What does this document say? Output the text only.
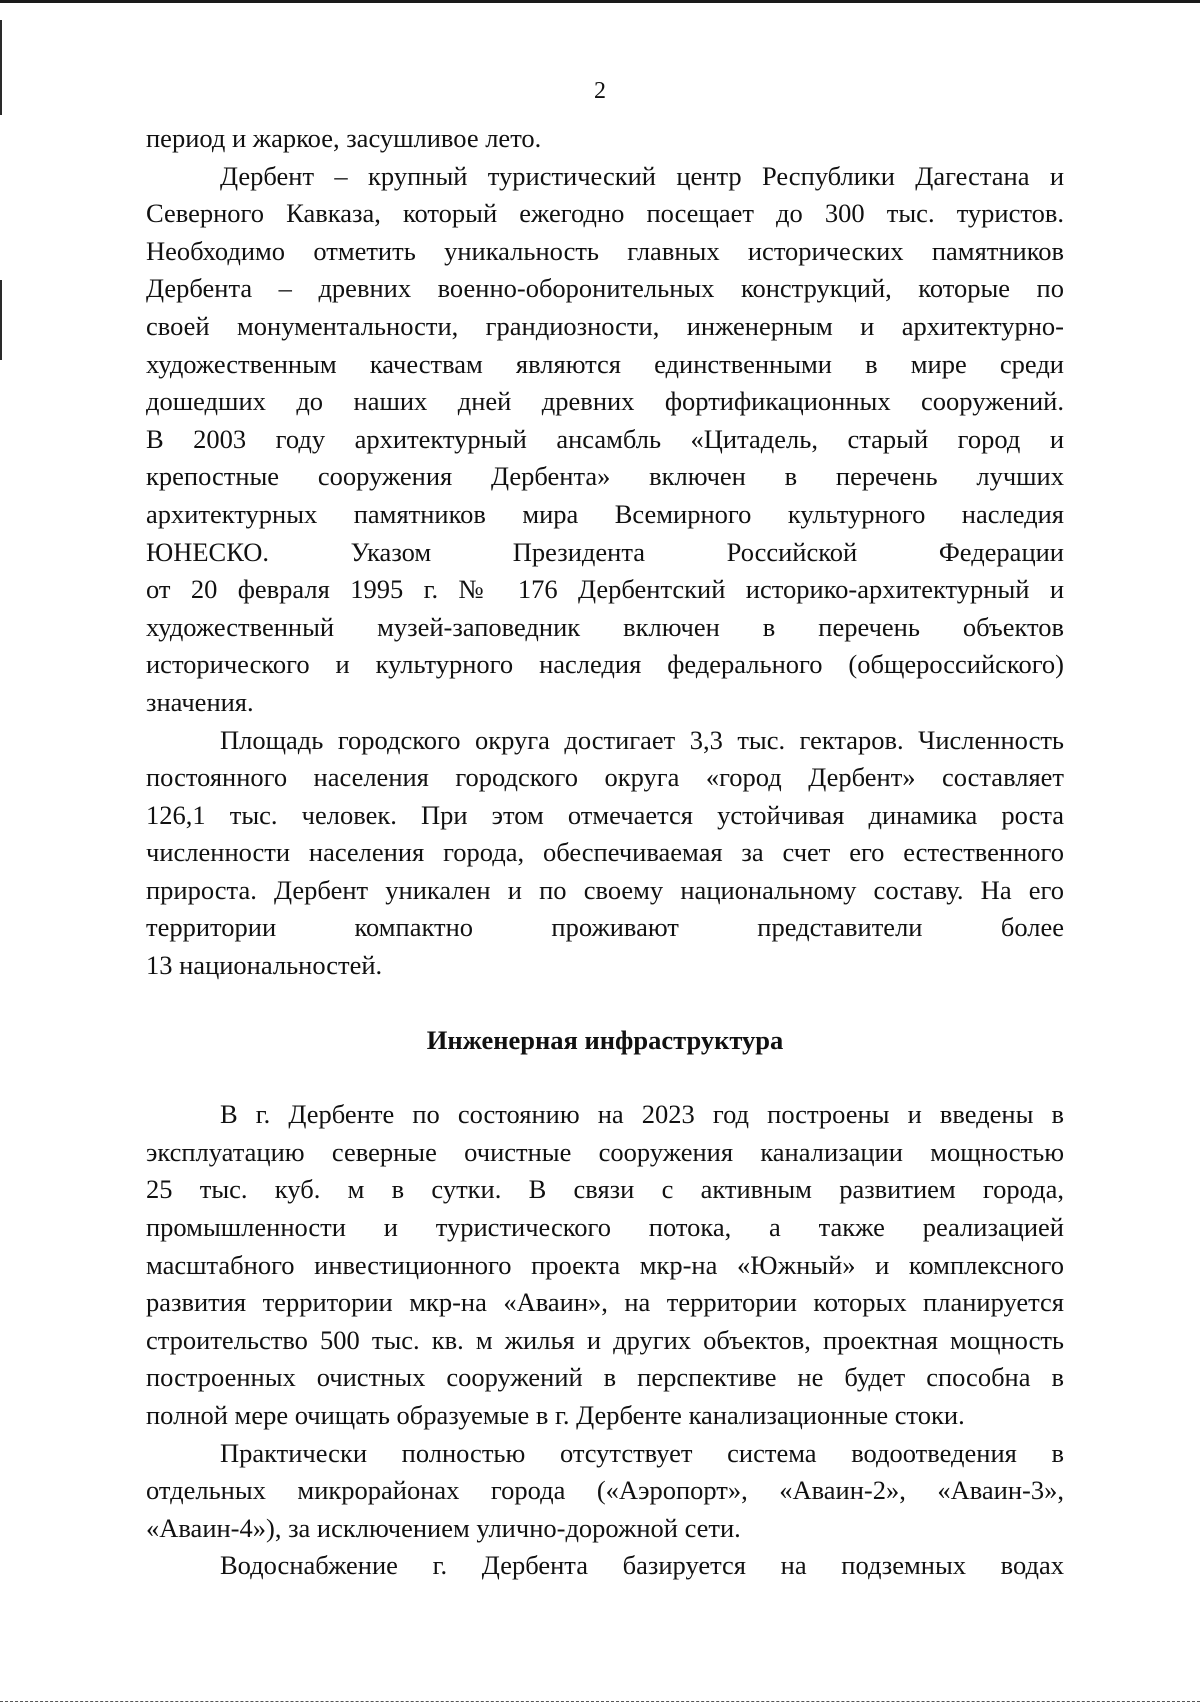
2
период и жаркое, засушливое лето.
Дербент – крупный туристический центр Республики Дагестана и
Северного Кавказа, который ежегодно посещает до 300 тыс. туристов.
Необходимо отметить уникальность главных исторических памятников
Дербента – древних военно-оборонительных конструкций, которые по
своей монументальности, грандиозности, инженерным и архитектурно-
художественным качествам являются единственными в мире среди
дошедших до наших дней древних фортификационных сооружений.
В 2003 году архитектурный ансамбль «Цитадель, старый город и
крепостные сооружения Дербента» включен в перечень лучших
архитектурных памятников мира Всемирного культурного наследия
ЮНЕСКО. Указом Президента Российской Федерации
от 20 февраля 1995 г. № 176 Дербентский историко-архитектурный и
художественный музей-заповедник включен в перечень объектов
исторического и культурного наследия федерального (общероссийского)
значения.
Площадь городского округа достигает 3,3 тыс. гектаров. Численность
постоянного населения городского округа «город Дербент» составляет
126,1 тыс. человек. При этом отмечается устойчивая динамика роста
численности населения города, обеспечиваемая за счет его естественного
прироста. Дербент уникален и по своему национальному составу. На его
территории компактно проживают представители более
13 национальностей.
Инженерная инфраструктура
В г. Дербенте по состоянию на 2023 год построены и введены в
эксплуатацию северные очистные сооружения канализации мощностью
25 тыс. куб. м в сутки. В связи с активным развитием города,
промышленности и туристического потока, а также реализацией
масштабного инвестиционного проекта мкр-на «Южный» и комплексного
развития территории мкр-на «Аваин», на территории которых планируется
строительство 500 тыс. кв. м жилья и других объектов, проектная мощность
построенных очистных сооружений в перспективе не будет способна в
полной мере очищать образуемые в г. Дербенте канализационные стоки.
Практически полностью отсутствует система водоотведения в
отдельных микрорайонах города («Аэропорт», «Аваин-2», «Аваин-3»,
«Аваин-4»), за исключением улично-дорожной сети.
Водоснабжение г. Дербента базируется на подземных водах
